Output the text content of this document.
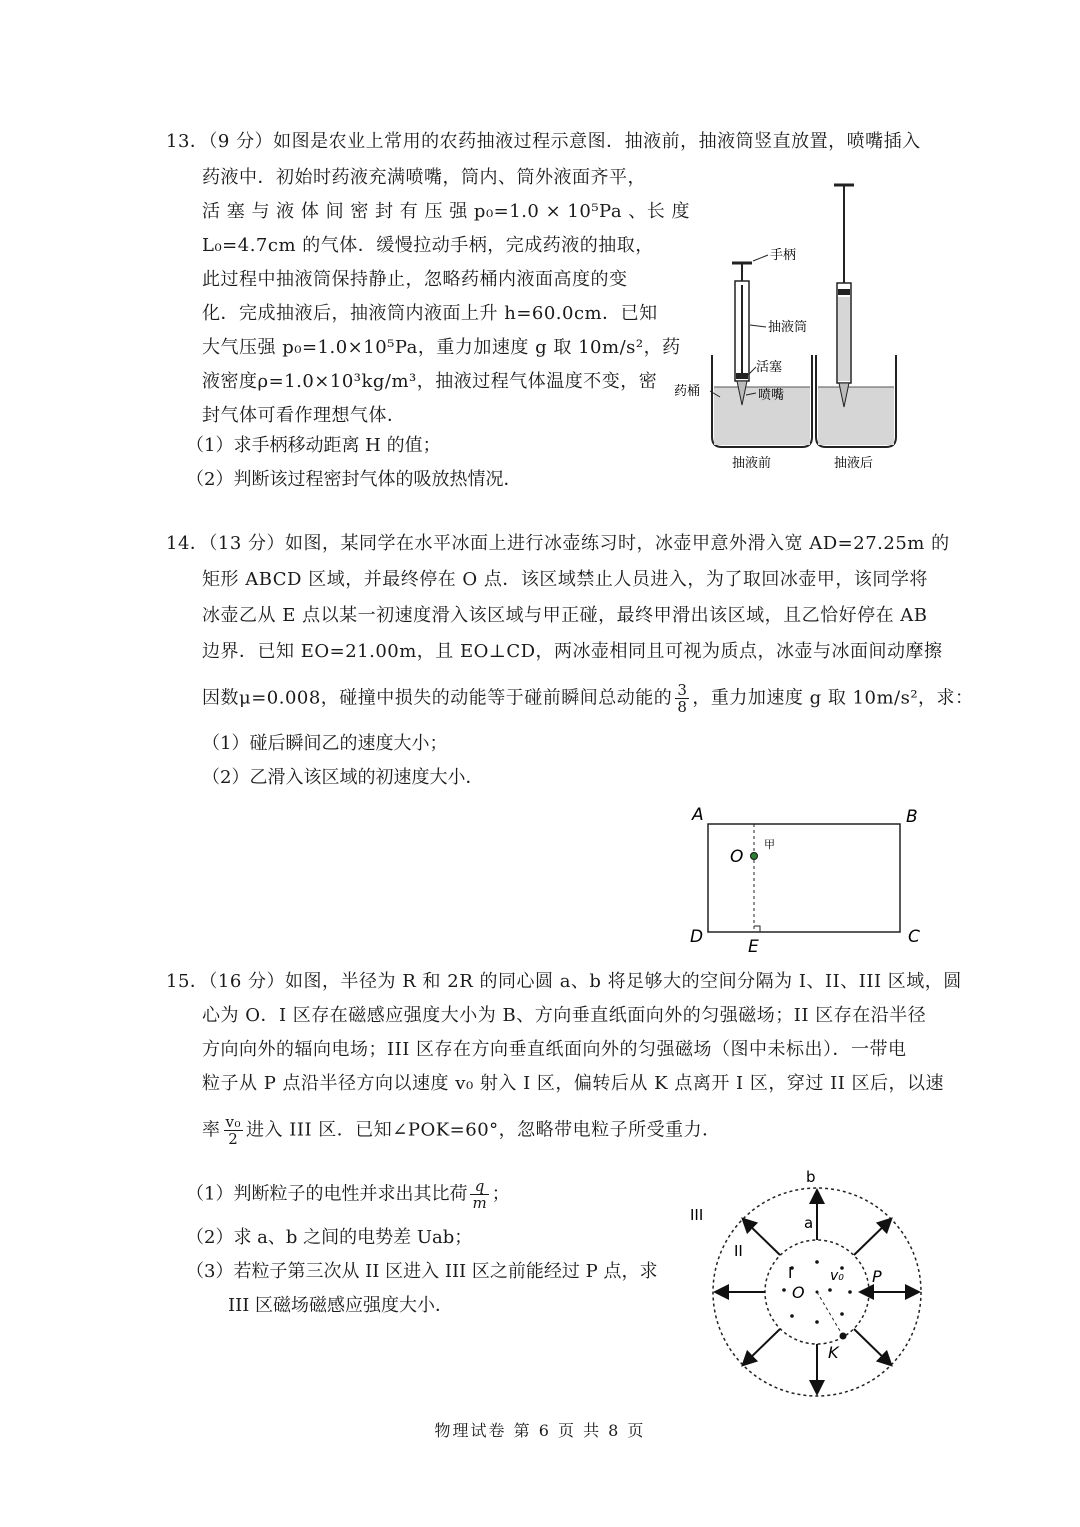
13．（9 分）如图是农业上常用的农药抽液过程示意图．抽液前，抽液筒竖直放置，喷嘴插入
药液中．初始时药液充满喷嘴，筒内、筒外液面齐平，
活 塞 与 液 体 间 密 封 有 压 强 p₀=1.0 × 10⁵Pa 、长 度
L₀=4.7cm 的气体．缓慢拉动手柄，完成药液的抽取，
此过程中抽液筒保持静止，忽略药桶内液面高度的变
化．完成抽液后，抽液筒内液面上升 h=60.0cm．已知
大气压强 p₀=1.0×10⁵Pa，重力加速度 g 取 10m/s²，药
液密度ρ=1.0×10³kg/m³，抽液过程气体温度不变，密
封气体可看作理想气体．
（1）求手柄移动距离 H 的值；
（2）判断该过程密封气体的吸放热情况．
手柄
抽液筒
活塞
喷嘴
药桶
抽液前	抽液后
14．（13 分）如图，某同学在水平冰面上进行冰壶练习时，冰壶甲意外滑入宽 AD=27.25m 的
矩形 ABCD 区域，并最终停在 O 点．该区域禁止人员进入，为了取回冰壶甲，该同学将
冰壶乙从 E 点以某一初速度滑入该区域与甲正碰，最终甲滑出该区域，且乙恰好停在 AB
边界．已知 EO=21.00m，且 EO⊥CD，两冰壶相同且可视为质点，冰壶与冰面间动摩擦
因数μ=0.008，碰撞中损失的动能等于碰前瞬间总动能的 $\frac{3}{8}$ ，重力加速度 g 取 10m/s²，求：
（1）碰后瞬间乙的速度大小；
（2）乙滑入该区域的初速度大小．
A	B
C
D	E
O
甲
15．（16 分）如图，半径为 R 和 2R 的同心圆 a、b 将足够大的空间分隔为 I、II、III 区域，圆
心为 O．I 区存在磁感应强度大小为 B、方向垂直纸面向外的匀强磁场；II 区存在沿半径
方向向外的辐向电场；III 区存在方向垂直纸面向外的匀强磁场（图中未标出）．一带电
粒子从 P 点沿半径方向以速度 v₀ 射入 I 区，偏转后从 K 点离开 I 区，穿过 II 区后，以速
率 $\frac{\text{v₀}}{2}$ 进入 III 区．已知∠POK=60°，忽略带电粒子所受重力．
（1）判断粒子的电性并求出其比荷 $\frac{q}{m}$ ；
（2）求 a、b 之间的电势差 Uab；
（3）若粒子第三次从 II 区进入 III 区之前能经过 P 点，求
III 区磁场磁感应强度大小．
b
a
III
II
I
O
P
K
v₀
物理试卷 第 6 页 共 8 页
